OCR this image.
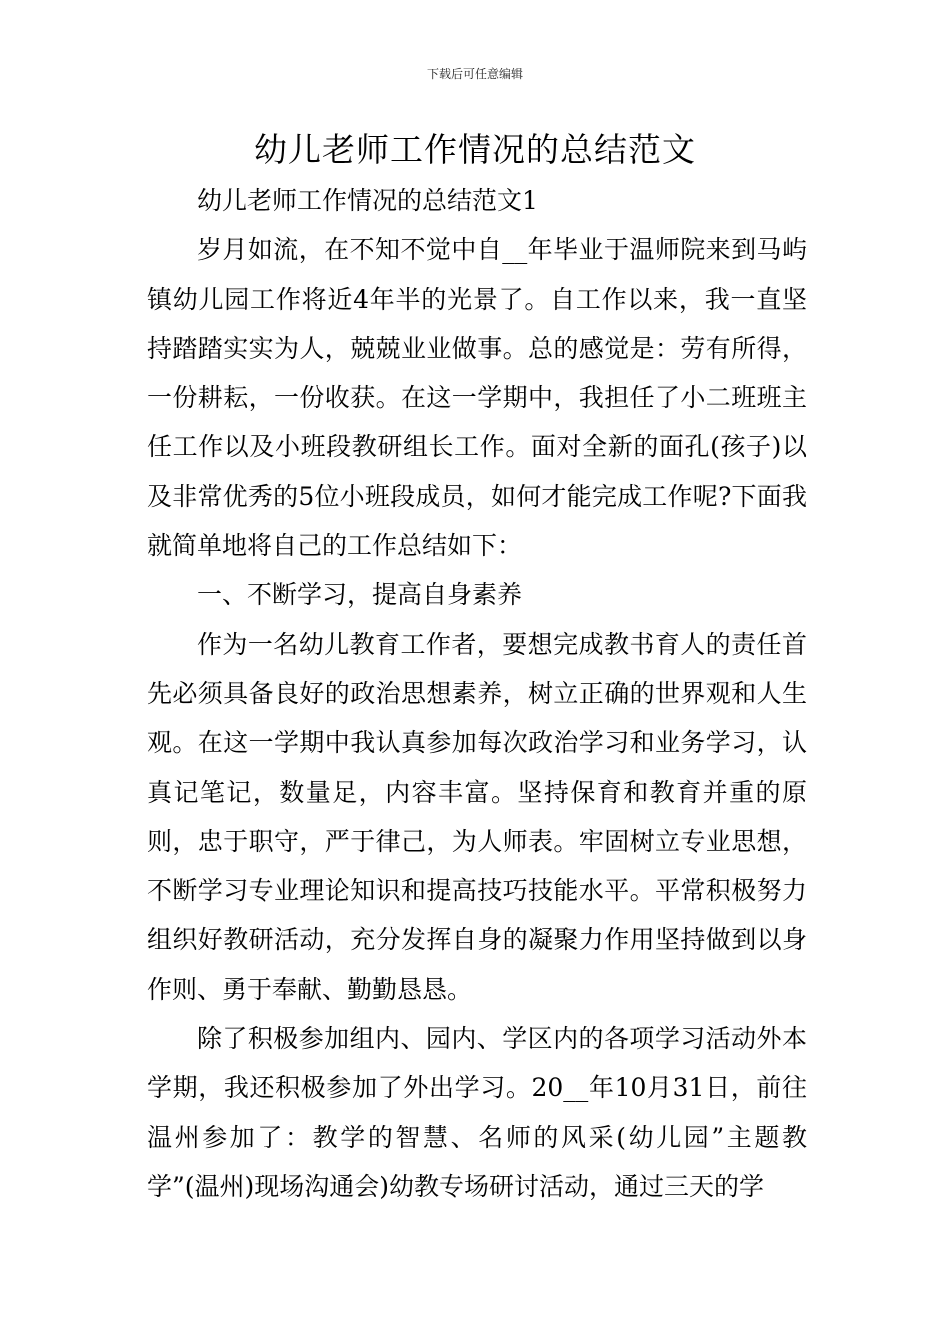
下载后可任意编辑
幼儿老师工作情况的总结范文

幼儿老师工作情况的总结范文1

岁月如流，在不知不觉中自__年毕业于温师院来到马屿镇幼儿园工作将近4年半的光景了。自工作以来，我一直坚持踏踏实实为人，兢兢业业做事。总的感觉是：劳有所得，一份耕耘，一份收获。在这一学期中，我担任了小二班班主任工作以及小班段教研组长工作。面对全新的面孔(孩子)以及非常优秀的5位小班段成员，如何才能完成工作呢?下面我就简单地将自己的工作总结如下：

一、不断学习，提高自身素养

作为一名幼儿教育工作者，要想完成教书育人的责任首先必须具备良好的政治思想素养，树立正确的世界观和人生观。在这一学期中我认真参加每次政治学习和业务学习，认真记笔记，数量足，内容丰富。坚持保育和教育并重的原则，忠于职守，严于律己，为人师表。牢固树立专业思想，不断学习专业理论知识和提高技巧技能水平。平常积极努力组织好教研活动，充分发挥自身的凝聚力作用坚持做到以身作则、勇于奉献、勤勤恳恳。

除了积极参加组内、园内、学区内的各项学习活动外本学期，我还积极参加了外出学习。20__年10月31日，前往温州参加了：教学的智慧、名师的风采(幼儿园”主题教学”(温州)现场沟通会)幼教专场研讨活动，通过三天的学
